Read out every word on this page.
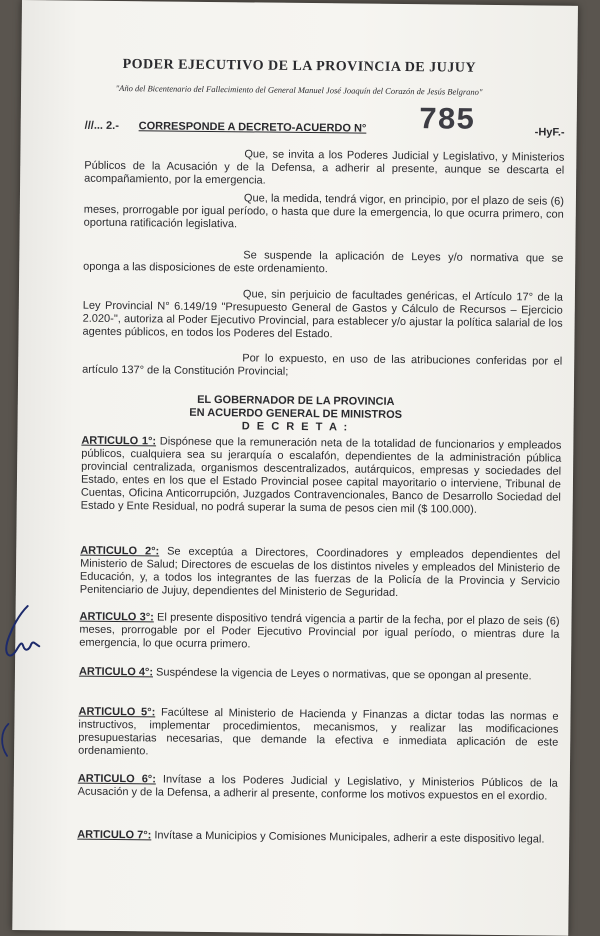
PODER EJECUTIVO DE LA PROVINCIA DE JUJUY
"Año del Bicentenario del Fallecimiento del General Manuel José Joaquín del Corazón de Jesús Belgrano"
///... 2.- CORRESPONDE A DECRETO-ACUERDO N° 785	-HyF.-

Que, se invita a los Poderes Judicial y Legislativo, y Ministerios Públicos de la Acusación y de la Defensa, a adherir al presente, aunque se descarta el acompañamiento, por la emergencia.

Que, la medida, tendrá vigor, en principio, por el plazo de seis (6) meses, prorrogable por igual período, o hasta que dure la emergencia, lo que ocurra primero, con oportuna ratificación legislativa.

Se suspende la aplicación de Leyes y/o normativa que se oponga a las disposiciones de este ordenamiento.

Que, sin perjuicio de facultades genéricas, el Artículo 17° de la Ley Provincial N° 6.149/19 "Presupuesto General de Gastos y Cálculo de Recursos – Ejercicio 2.020-", autoriza al Poder Ejecutivo Provincial, para establecer y/o ajustar la política salarial de los agentes públicos, en todos los Poderes del Estado.

Por lo expuesto, en uso de las atribuciones conferidas por el artículo 137° de la Constitución Provincial;

EL GOBERNADOR DE LA PROVINCIA
EN ACUERDO GENERAL DE MINISTROS
D E C R E T A :

ARTICULO 1°: Dispónese que la remuneración neta de la totalidad de funcionarios y empleados públicos, cualquiera sea su jerarquía o escalafón, dependientes de la administración pública provincial centralizada, organismos descentralizados, autárquicos, empresas y sociedades del Estado, entes en los que el Estado Provincial posee capital mayoritario o interviene, Tribunal de Cuentas, Oficina Anticorrupción, Juzgados Contravencionales, Banco de Desarrollo Sociedad del Estado y Ente Residual, no podrá superar la suma de pesos cien mil ($ 100.000).

ARTICULO 2°: Se exceptúa a Directores, Coordinadores y empleados dependientes del Ministerio de Salud; Directores de escuelas de los distintos niveles y empleados del Ministerio de Educación, y, a todos los integrantes de las fuerzas de la Policía de la Provincia y Servicio Penitenciario de Jujuy, dependientes del Ministerio de Seguridad.

ARTICULO 3°: El presente dispositivo tendrá vigencia a partir de la fecha, por el plazo de seis (6) meses, prorrogable por el Poder Ejecutivo Provincial por igual período, o mientras dure la emergencia, lo que ocurra primero.

ARTICULO 4°: Suspéndese la vigencia de Leyes o normativas, que se opongan al presente.

ARTICULO 5°: Facúltese al Ministerio de Hacienda y Finanzas a dictar todas las normas e instructivos, implementar procedimientos, mecanismos, y realizar las modificaciones presupuestarias necesarias, que demande la efectiva e inmediata aplicación de este ordenamiento.

ARTICULO 6°: Invítase a los Poderes Judicial y Legislativo, y Ministerios Públicos de la Acusación y de la Defensa, a adherir al presente, conforme los motivos expuestos en el exordio.

ARTICULO 7°: Invítase a Municipios y Comisiones Municipales, adherir a este dispositivo legal.
